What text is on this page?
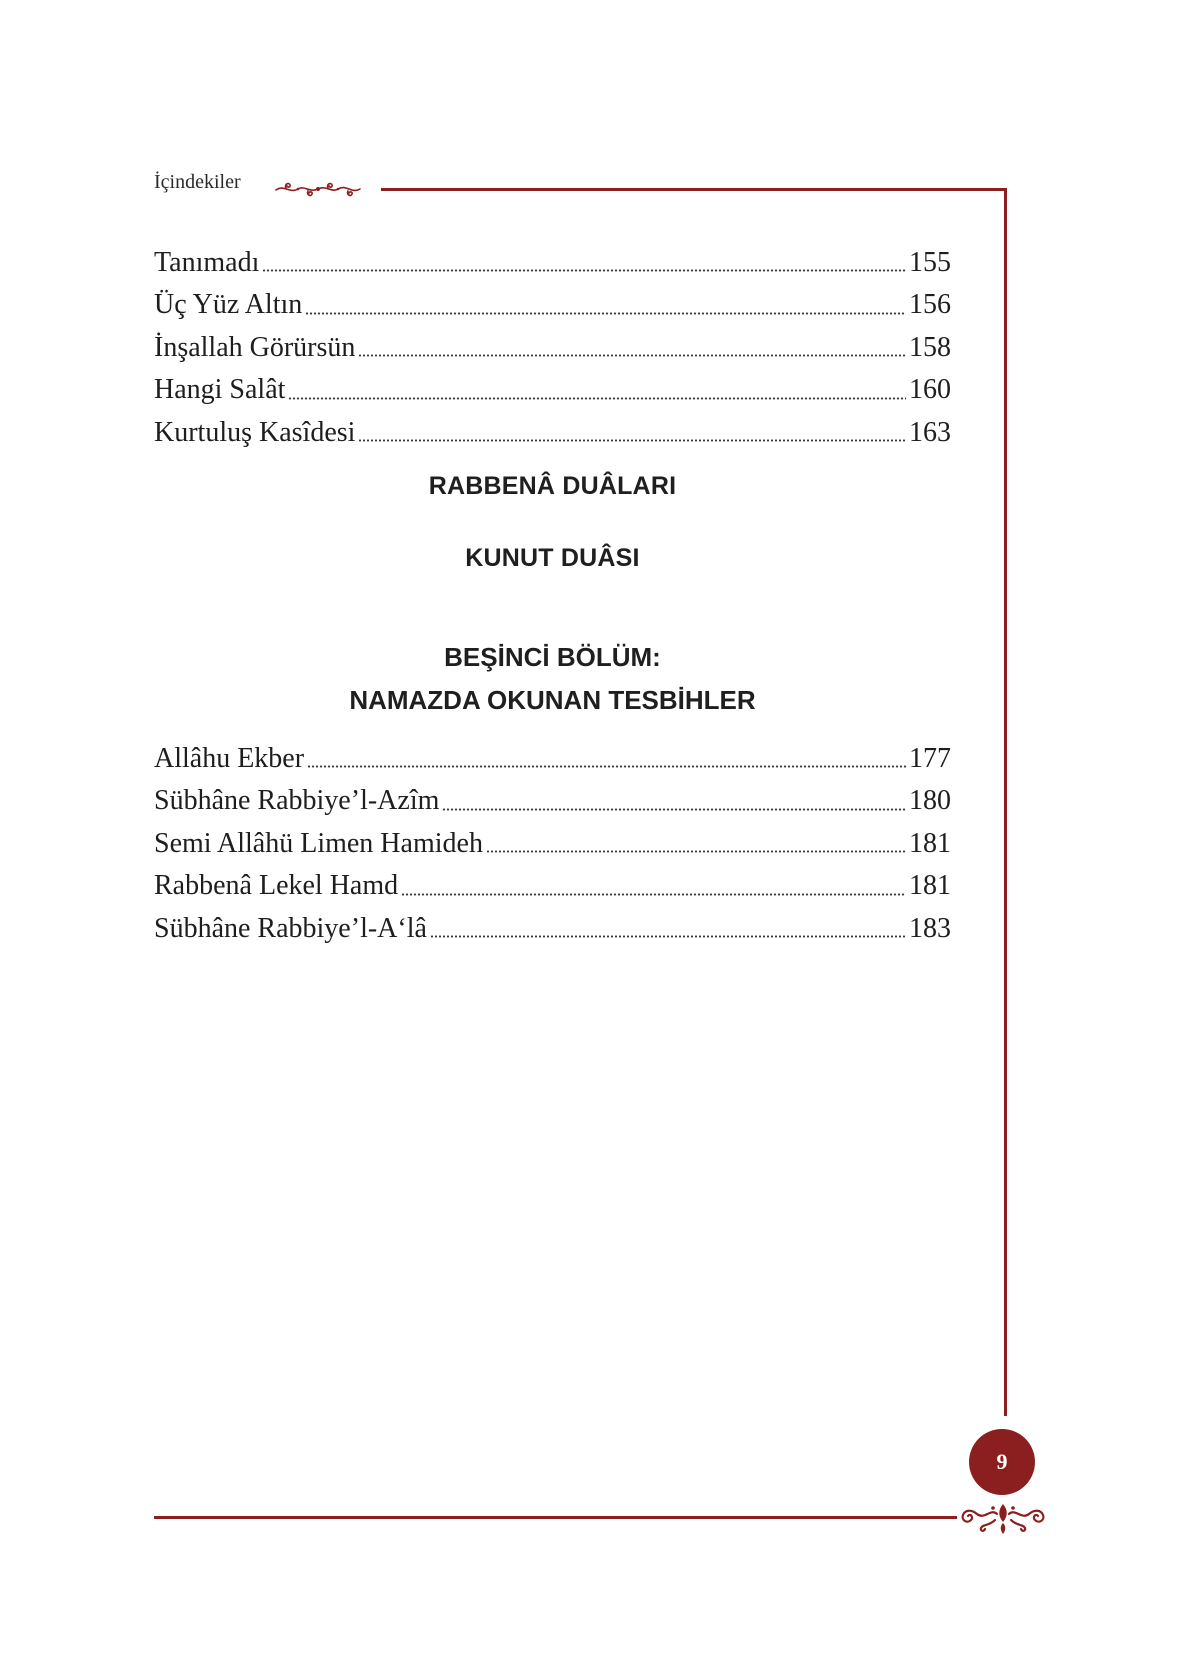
İçindekiler
Tanımadı	155
Üç Yüz Altın	156
İnşallah Görürsün	158
Hangi Salât	160
Kurtuluş Kasîdesi	163
RABBENÂ DUÂLARI
KUNUT DUÂSI
BEŞİNCİ BÖLÜM:
NAMAZDA OKUNAN TESBİHLER
Allâhu Ekber	177
Sübhâne Rabbiye’l-Azîm	180
Semi Allâhü Limen Hamideh	181
Rabbenâ Lekel Hamd	181
Sübhâne Rabbiye’l-A‘lâ	183
9
